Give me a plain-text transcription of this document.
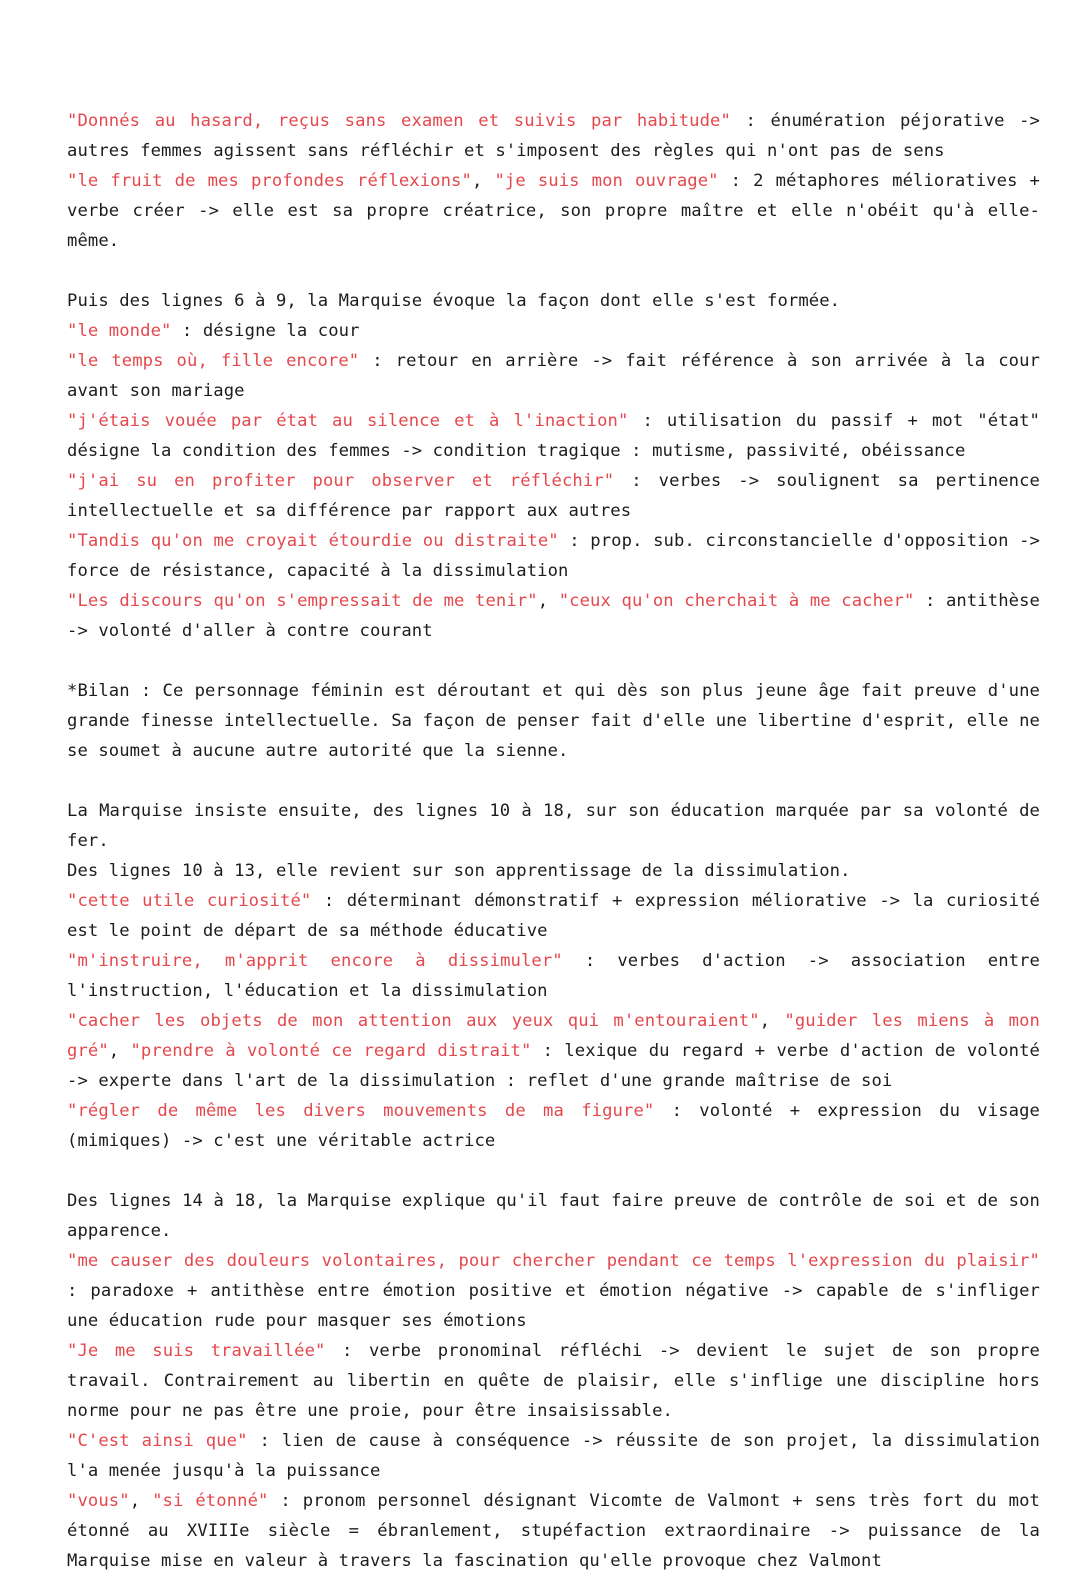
"Donnés au hasard, reçus sans examen et suivis par habitude" : énumération péjorative -> autres femmes agissent sans réfléchir et s'imposent des règles qui n'ont pas de sens

"le fruit de mes profondes réflexions", "je suis mon ouvrage" : 2 métaphores mélioratives + verbe créer -> elle est sa propre créatrice, son propre maître et elle n'obéit qu'à elle-même.

Puis des lignes 6 à 9, la Marquise évoque la façon dont elle s'est formée.

"le monde" : désigne la cour

"le temps où, fille encore" : retour en arrière -> fait référence à son arrivée à la cour avant son mariage

"j'étais vouée par état au silence et à l'inaction" : utilisation du passif + mot "état" désigne la condition des femmes -> condition tragique : mutisme, passivité, obéissance

"j'ai su en profiter pour observer et réfléchir" : verbes -> soulignent sa pertinence intellectuelle et sa différence par rapport aux autres

"Tandis qu'on me croyait étourdie ou distraite" : prop. sub. circonstancielle d'opposition -> force de résistance, capacité à la dissimulation

"Les discours qu'on s'empressait de me tenir", "ceux qu'on cherchait à me cacher" : antithèse -> volonté d'aller à contre courant

*Bilan : Ce personnage féminin est déroutant et qui dès son plus jeune âge fait preuve d'une grande finesse intellectuelle. Sa façon de penser fait d'elle une libertine d'esprit, elle ne se soumet à aucune autre autorité que la sienne.

La Marquise insiste ensuite, des lignes 10 à 18, sur son éducation marquée par sa volonté de fer.

Des lignes 10 à 13, elle revient sur son apprentissage de la dissimulation.

"cette utile curiosité" : déterminant démonstratif + expression méliorative -> la curiosité est le point de départ de sa méthode éducative

"m'instruire, m'apprit encore à dissimuler" : verbes d'action -> association entre l'instruction, l'éducation et la dissimulation

"cacher les objets de mon attention aux yeux qui m'entouraient", "guider les miens à mon gré", "prendre à volonté ce regard distrait" : lexique du regard + verbe d'action de volonté -> experte dans l'art de la dissimulation : reflet d'une grande maîtrise de soi

"régler de même les divers mouvements de ma figure" : volonté + expression du visage (mimiques) -> c'est une véritable actrice

Des lignes 14 à 18, la Marquise explique qu'il faut faire preuve de contrôle de soi et de son apparence.

"me causer des douleurs volontaires, pour chercher pendant ce temps l'expression du plaisir" : paradoxe + antithèse entre émotion positive et émotion négative -> capable de s'infliger une éducation rude pour masquer ses émotions

"Je me suis travaillée" : verbe pronominal réfléchi -> devient le sujet de son propre travail. Contrairement au libertin en quête de plaisir, elle s'inflige une discipline hors norme pour ne pas être une proie, pour être insaisissable.

"C'est ainsi que" : lien de cause à conséquence -> réussite de son projet, la dissimulation l'a menée jusqu'à la puissance

"vous", "si étonné" : pronom personnel désignant Vicomte de Valmont + sens très fort du mot étonné au XVIIIe siècle = ébranlement, stupéfaction extraordinaire -> puissance de la Marquise mise en valeur à travers la fascination qu'elle provoque chez Valmont
